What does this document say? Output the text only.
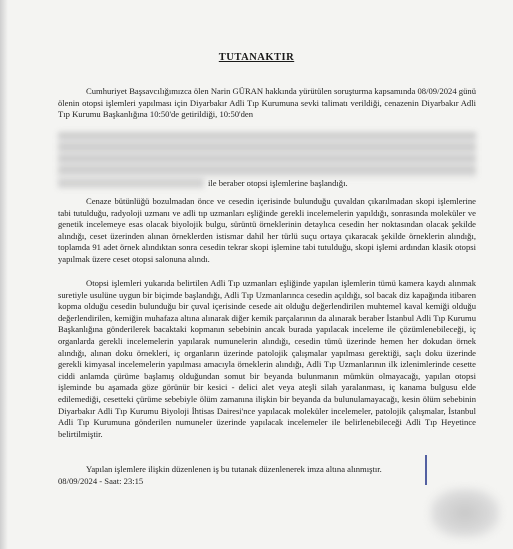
TUTANAKTIR
Cumhuriyet Başsavcılığımızca ölen Narin GÜRAN hakkında yürütülen soruşturma kapsamında 08/09/2024 günü ölenin otopsi işlemleri yapılması için Diyarbakır Adli Tıp Kurumuna sevki talimatı verildiği, cenazenin Diyarbakır Adli Tıp Kurumu Başkanlığına 10:50'de getirildiği, 10:50'den
ile beraber otopsi işlemlerine başlandığı.
Cenaze bütünlüğü bozulmadan önce ve cesedin içerisinde bulunduğu çuvaldan çıkarılmadan skopi işlemlerine tabi tutulduğu, radyoloji uzmanı ve adli tıp uzmanları eşliğinde gerekli incelemelerin yapıldığı, sonrasında moleküler ve genetik incelemeye esas olacak biyolojik bulgu, sürüntü örneklerinin detaylıca cesedin her noktasından olacak şekilde alındığı, ceset üzerinden alınan örneklerden istismar dahil her türlü suçu ortaya çıkaracak şekilde örneklerin alındığı, toplamda 91 adet örnek alındıktan sonra cesedin tekrar skopi işlemine tabi tutulduğu, skopi işlemi ardından klasik otopsi yapılmak üzere ceset otopsi salonuna alındı.
Otopsi işlemleri yukarıda belirtilen Adli Tıp uzmanları eşliğinde yapılan işlemlerin tümü kamera kaydı alınmak suretiyle usulüne uygun bir biçimde başlandığı, Adli Tıp Uzmanlarınca cesedin açıldığı, sol bacak diz kapağında itibaren kopma olduğu cesedin bulunduğu bir çuval içerisinde cesede ait olduğu değerlendirilen muhtemel kaval kemiği olduğu değerlendirilen, kemiğin muhafaza altına alınarak diğer kemik parçalarının da alınarak beraber İstanbul Adli Tıp Kurumu Başkanlığına gönderilerek bacaktaki kopmanın sebebinin ancak burada yapılacak inceleme ile çözümlenebileceği, iç organlarda gerekli incelemelerin yapılarak numunelerin alındığı, cesedin tümü üzerinde hemen her dokudan örnek alındığı, alınan doku örnekleri, iç organların üzerinde patolojik çalışmalar yapılması gerektiği, saçlı doku üzerinde gerekli kimyasal incelemelerin yapılması amacıyla örneklerin alındığı, Adli Tıp Uzmanlarının ilk izlenimlerinde cesette ciddi anlamda çürüme başlamış olduğundan somut bir beyanda bulunmanın mümkün olmayacağı, yapılan otopsi işleminde bu aşamada göze görünür bir kesici - delici alet veya ateşli silah yaralanması, iç kanama bulgusu elde edilemediği, cesetteki çürüme sebebiyle ölüm zamanına ilişkin bir beyanda da bulunulamayacağı, kesin ölüm sebebinin Diyarbakır Adli Tıp Kurumu Biyoloji İhtisas Dairesi'nce yapılacak moleküler incelemeler, patolojik çalışmalar, İstanbul Adli Tıp Kurumuna gönderilen numuneler üzerinde yapılacak incelemeler ile belirlenebileceği Adli Tıp Heyetince belirtilmiştir.
Yapılan işlemlere ilişkin düzenlenen iş bu tutanak düzenlenerek imza altına alınmıştır.
08/09/2024 - Saat: 23:15
